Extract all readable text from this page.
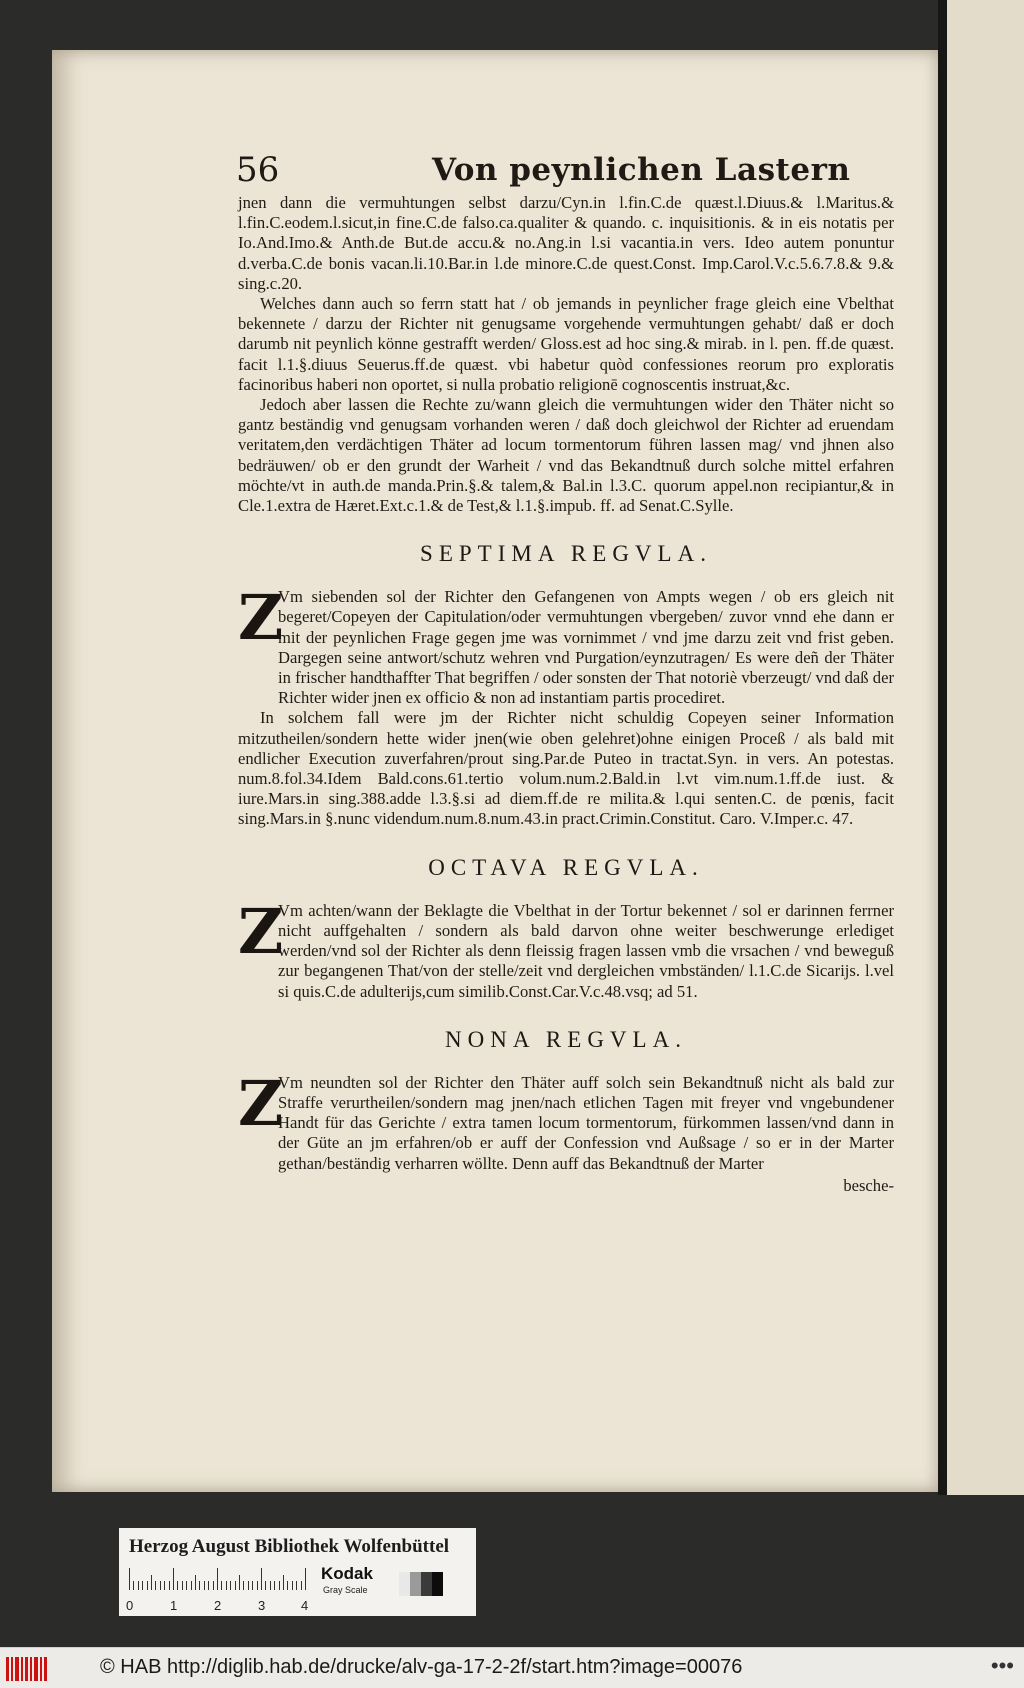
56	Von peynlichen Lastern

jnen dann die vermuhtungen selbst darzu/Cyn.in l.fin.C.de quæst.l.Diuus.& l.Maritus.& l.fin.C.eodem.l.sicut,in fine.C.de falso.ca.qualiter & quando. c. inquisitionis. & in eis notatis per Io.And.Imo.& Anth.de But.de accu.& no.Ang.in l.si vacantia.in vers. Ideo autem ponuntur d.verba.C.de bonis vacan.li.10.Bar.in l.de minore.C.de quest.Const. Imp.Carol.V.c.5.6.7.8.& 9.& sing.c.20.

Welches dann auch so ferrn statt hat / ob jemands in peynlicher frage gleich eine Vbelthat bekennete / darzu der Richter nit genugsame vorgehende vermuhtungen gehabt/ daß er doch darumb nit peynlich könne gestrafft werden/ Gloss.est ad hoc sing.& mirab. in l. pen. ff.de quæst. facit l.1.§.diuus Seuerus.ff.de quæst. vbi habetur quòd confessiones reorum pro exploratis facinoribus haberi non oportet, si nulla probatio religionē cognoscentis instruat,&c.

Jedoch aber lassen die Rechte zu/wann gleich die vermuhtungen wider den Thäter nicht so gantz beständig vnd genugsam vorhanden weren / daß doch gleichwol der Richter ad eruendam veritatem,den verdächtigen Thäter ad locum tormentorum führen lassen mag/ vnd jhnen also bedräuwen/ ob er den grundt der Warheit / vnd das Bekandtnuß durch solche mittel erfahren möchte/vt in auth.de manda.Prin.§.& talem,& Bal.in l.3.C. quorum appel.non recipiantur,& in Cle.1.extra de Hæret.Ext.c.1.& de Test,& l.1.§.impub. ff. ad Senat.C.Sylle.

SEPTIMA REGVLA.
Z

Vm siebenden sol der Richter den Gefangenen von Ampts wegen / ob ers gleich nit begeret/Copeyen der Capitulation/oder vermuhtungen vbergeben/ zuvor vnnd ehe dann er mit der peynlichen Frage gegen jme was vornimmet / vnd jme darzu zeit vnd frist geben. Dargegen seine antwort/schutz wehren vnd Purgation/eynzutragen/ Es were deñ der Thäter in frischer handthaffter That begriffen / oder sonsten der That notoriè vberzeugt/ vnd daß der Richter wider jnen ex officio & non ad instantiam partis procediret.

In solchem fall were jm der Richter nicht schuldig Copeyen seiner Information mitzutheilen/sondern hette wider jnen(wie oben gelehret)ohne einigen Proceß / als bald mit endlicher Execution zuverfahren/prout sing.Par.de Puteo in tractat.Syn. in vers. An potestas. num.8.fol.34.Idem Bald.cons.61.tertio volum.num.2.Bald.in l.vt vim.num.1.ff.de iust. & iure.Mars.in sing.388.adde l.3.§.si ad diem.ff.de re milita.& l.qui senten.C. de pœnis, facit sing.Mars.in §.nunc videndum.num.8.num.43.in pract.Crimin.Constitut. Caro. V.Imper.c. 47.

OCTAVA REGVLA.
Z

Vm achten/wann der Beklagte die Vbelthat in der Tortur bekennet / sol er darinnen ferrner nicht auffgehalten / sondern als bald darvon ohne weiter beschwerunge erlediget werden/vnd sol der Richter als denn fleissig fragen lassen vmb die vrsachen / vnd beweguß zur begangenen That/von der stelle/zeit vnd dergleichen vmbständen/ l.1.C.de Sicarijs. l.vel si quis.C.de adulterijs,cum similib.Const.Car.V.c.48.vsq; ad 51.

NONA REGVLA.
Z

Vm neundten sol der Richter den Thäter auff solch sein Bekandtnuß nicht als bald zur Straffe verurtheilen/sondern mag jnen/nach etlichen Tagen mit freyer vnd vngebundener Handt für das Gerichte / extra tamen locum tormentorum, fürkommen lassen/vnd dann in der Güte an jm erfahren/ob er auff der Confession vnd Außsage / so er in der Marter gethan/beständig verharren wöllte. Denn auff das Bekandtnuß der Marter

besche-
Herzog August Bibliothek Wolfenbüttel
0	1	2	3	4
Kodak
Gray Scale
© HAB http://diglib.hab.de/drucke/alv-ga-17-2-2f/start.htm?image=00076	•••
